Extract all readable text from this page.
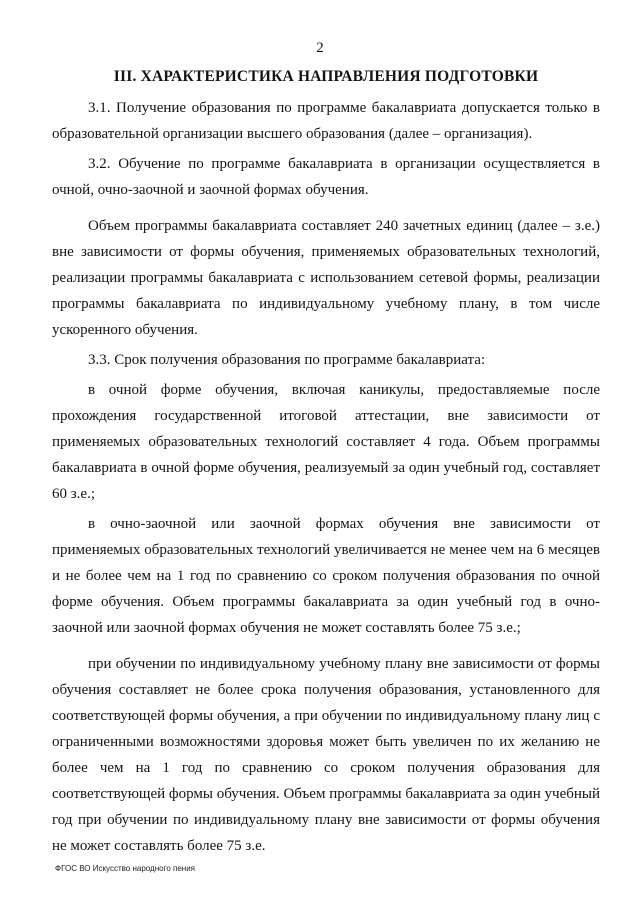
2
III. ХАРАКТЕРИСТИКА НАПРАВЛЕНИЯ ПОДГОТОВКИ

3.1. Получение образования по программе бакалавриата допускается только в образовательной организации высшего образования (далее – организация).

3.2. Обучение по программе бакалавриата в организации осуществляется в очной, очно-заочной и заочной формах обучения.

Объем программы бакалавриата составляет 240 зачетных единиц (далее – з.е.) вне зависимости от формы обучения, применяемых образовательных технологий, реализации программы бакалавриата с использованием сетевой формы, реализации программы бакалавриата по индивидуальному учебному плану, в том числе ускоренного обучения.

3.3. Срок получения образования по программе бакалавриата:

в очной форме обучения, включая каникулы, предоставляемые после прохождения государственной итоговой аттестации, вне зависимости от применяемых образовательных технологий составляет 4 года. Объем программы бакалавриата в очной форме обучения, реализуемый за один учебный год, составляет 60 з.е.;

в очно-заочной или заочной формах обучения вне зависимости от применяемых образовательных технологий увеличивается не менее чем на 6 месяцев и не более чем на 1 год по сравнению со сроком получения образования по очной форме обучения. Объем программы бакалавриата за один учебный год в очно-заочной или заочной формах обучения не может составлять более 75 з.е.;

при обучении по индивидуальному учебному плану вне зависимости от формы обучения составляет не более срока получения образования, установленного для соответствующей формы обучения, а при обучении по индивидуальному плану лиц с ограниченными возможностями здоровья может быть увеличен по их желанию не более чем на 1 год по сравнению со сроком получения образования для соответствующей формы обучения. Объем программы бакалавриата за один учебный год при обучении по индивидуальному плану вне зависимости от формы обучения не может составлять более 75 з.е.

ФГОС ВО Искусство народного пения
